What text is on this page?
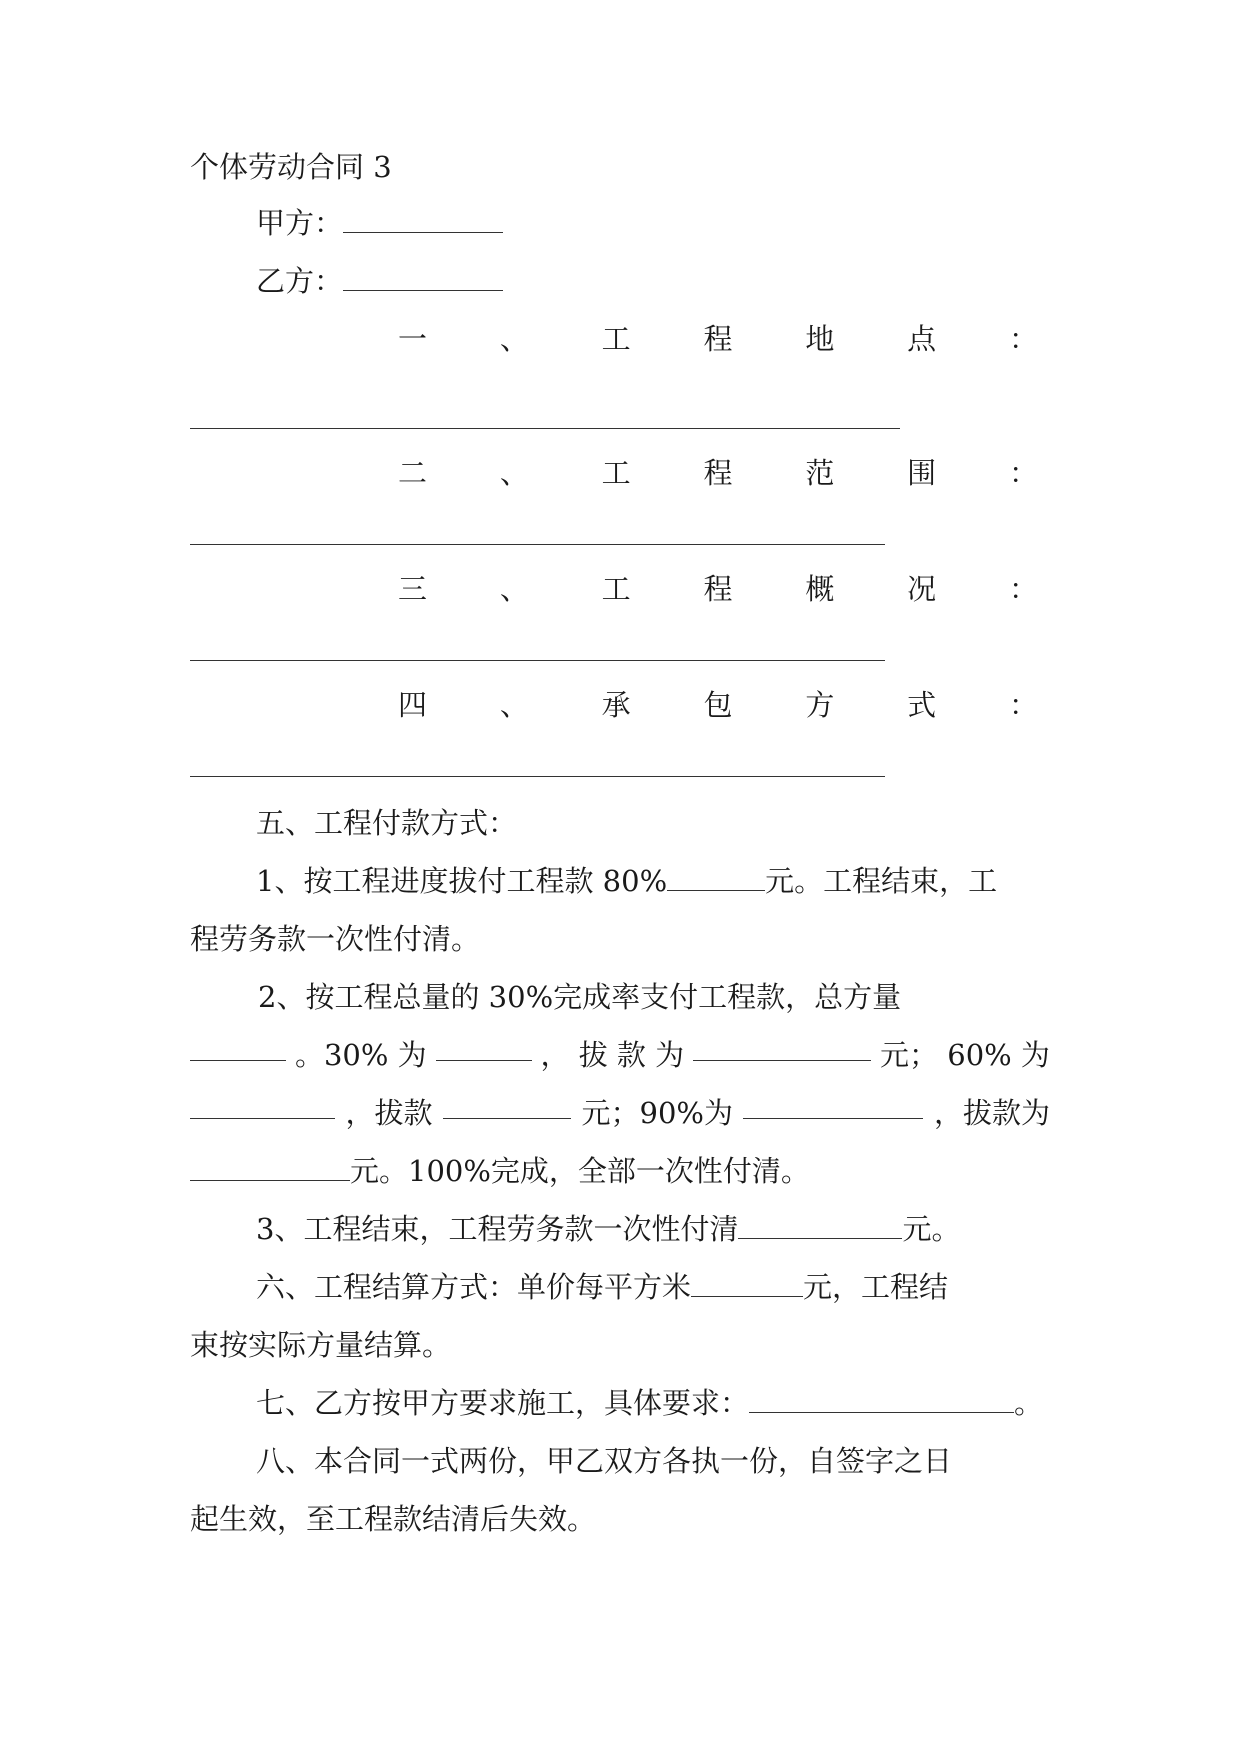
个体劳动合同 3
甲方：
乙方：
一	、	工	程	地	点	：
二	、	工	程	范	围	：
三	、	工	程	概	况	：
四	、	承	包	方	式	：
五、工程付款方式：
1、按工程进度拔付工程款 80%	元。工程结束，工
程劳务款一次性付清。
2、按工程总量的 30%完成率支付工程款，总方量
。30% 为	， 拔 款 为	元； 60% 为
，拔款	元；90%为	，拔款为
元。100%完成，全部一次性付清。
3、工程结束，工程劳务款一次性付清	元。
六、工程结算方式：单价每平方米	元，工程结
束按实际方量结算。
七、乙方按甲方要求施工，具体要求：	。
八、本合同一式两份，甲乙双方各执一份，自签字之日
起生效，至工程款结清后失效。
